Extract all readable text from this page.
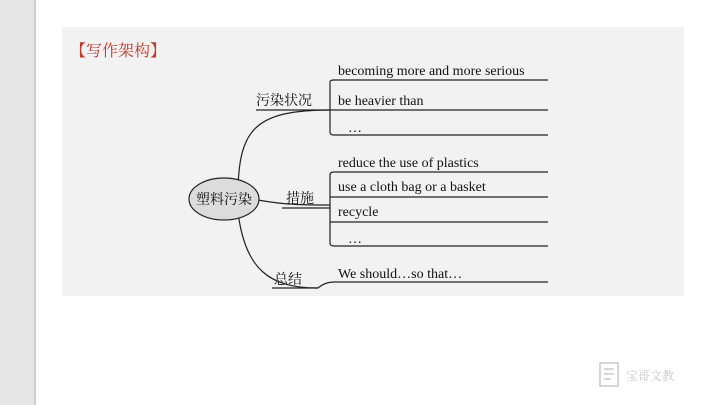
【写作架构】
塑料污染
污染状况
措施
总结
becoming more and more serious
be heavier than
…
reduce the use of plastics
use a cloth bag or a basket
recycle
…
We should…so that…
宝哥文教
